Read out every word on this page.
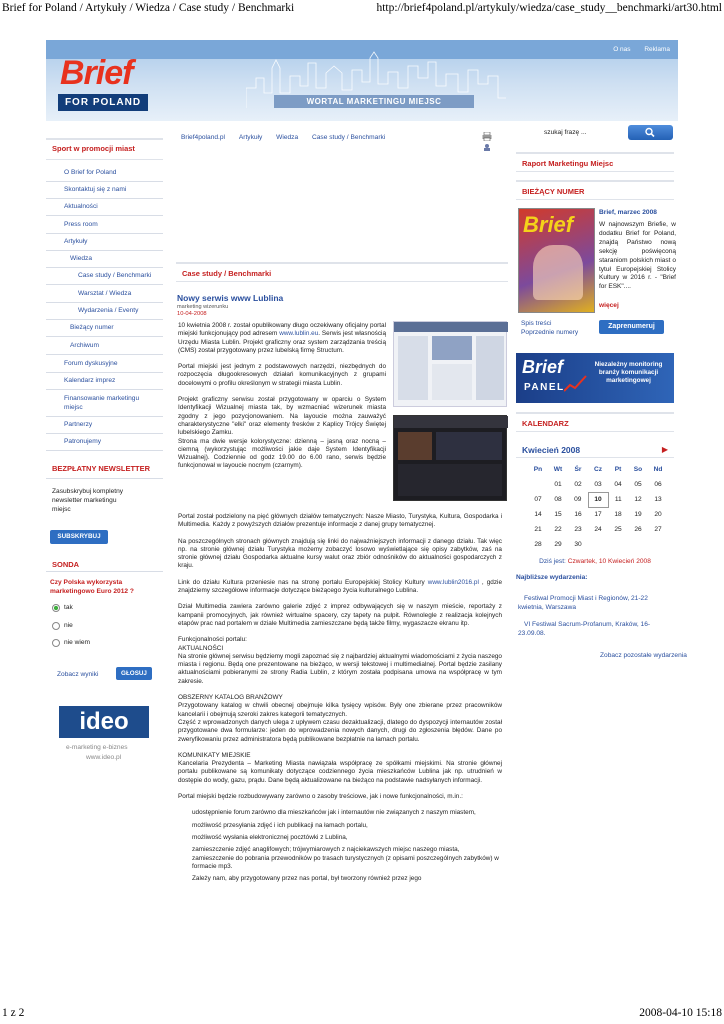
Brief for Poland / Artykuły / Wiedza / Case study / Benchmarki	http://brief4poland.pl/artykuly/wiedza/case_study__benchmarki/art30.html
1 z 2	2008-04-10 15:18
O nas Reklama
Brief
FOR POLAND	WORTAL MARKETINGU MIEJSC
Brief4poland.pl Artykuły Wiedza Case study / Benchmarki
szukaj frazę ...
Sport w promocji miast
O Brief for Poland
Skontaktuj się z nami
Aktualności
Press room
Artykuły
Wiedza
Case study / Benchmarki
Warsztat / Wiedza
Wydarzenia / Eventy
Bieżący numer
Archiwum
Forum dyskusyjne
Kalendarz imprez
Finansowanie marketingu miejsc
Partnerzy
Patronujemy
BEZPŁATNY NEWSLETTER
Zasubskrybuj kompletny newsletter marketingu miejsc
SUBSKRYBUJ
SONDA
Czy Polska wykorzysta marketingowo Euro 2012 ?
tak
nie
nie wiem
Zobacz wyniki	GŁOSUJ
ideo
e-marketing e-biznes
www.ideo.pl
Case study / Benchmarki
Nowy serwis www Lublina
marketing wizerunku
10-04-2008

10 kwietnia 2008 r. został opublikowany długo oczekiwany oficjalny portal miejski funkcjonujący pod adresem www.lublin.eu. Serwis jest własnością Urzędu Miasta Lublin. Projekt graficzny oraz system zarządzania treścią (CMS) został przygotowany przez lubelską firmę Structum.

Portal miejski jest jednym z podstawowych narzędzi, niezbędnych do rozpoczęcia długookresowych działań komunikacyjnych z grupami docelowymi o profilu określonym w strategii miasta Lublin.

Projekt graficzny serwisu został przygotowany w oparciu o System Identyfikacji Wizualnej miasta tak, by wzmacniać wizerunek miasta zgodny z jego pozycjonowaniem. Na layoucie można zauważyć charakterystyczne "elki" oraz elementy fresków z Kaplicy Trójcy Świętej lubelskiego Zamku.

Strona ma dwie wersje kolorystyczne: dzienną – jasną oraz nocną – ciemną (wykorzystując możliwości jakie daje System Identyfikacji Wizualnej). Codziennie od godz 19.00 do 6.00 rano, serwis będzie funkcjonował w layoucie nocnym (czarnym).

Portal został podzielony na pięć głównych działów tematycznych: Nasze Miasto, Turystyka, Kultura, Gospodarka i Multimedia. Każdy z powyższych działów prezentuje informacje z danej grupy tematycznej.

Na poszczególnych stronach głównych znajdują się linki do najważniejszych informacji z danego działu. Tak więc np. na stronie głównej działu Turystyka możemy zobaczyć losowo wyświetlające się opisy zabytków, zaś na stronie głównej działu Gospodarka aktualne kursy walut oraz zbiór odnośników do aktualności gospodarczych z kraju.

Link do działu Kultura przeniesie nas na stronę portalu Europejskiej Stolicy Kultury www.lublin2016.pl , gdzie znajdziemy szczegółowe informacje dotyczące bieżącego życia kulturalnego Lublina.

Dział Multimedia zawiera zarówno galerie zdjęć z imprez odbywających się w naszym mieście, reportaży z kampanii promocyjnych, jak również wirtualne spacery, czy tapety na pulpit. Równolegle z realizacja kolejnych etapów prac nad portalem w dziale Multimedia zamieszczane będą także filmy, wygaszacze ekranu itp.

Funkcjonalności portalu:

AKTUALNOŚCI

Na stronie głównej serwisu będziemy mogli zapoznać się z najbardziej aktualnymi wiadomościami z życia naszego miasta i regionu. Będą one prezentowane na bieżąco, w wersji tekstowej i multimedialnej. Portal będzie zasilany aktualnościami pobieranymi ze strony Radia Lublin, z którym została podpisana umowa na współpracę w tym zakresie.

OBSZERNY KATALOG BRANŻOWY

Przygotowany katalog w chwili obecnej obejmuje kilka tysięcy wpisów. Były one zbierane przez pracowników kancelarii i obejmują szeroki zakres kategorii tematycznych.

Część z wprowadzonych danych ulega z upływem czasu dezaktualizacji, dlatego do dyspozycji internautów został przygotowane dwa formularze: jeden do wprowadzenia nowych danych, drugi do zgłoszenia błędów. Dane po zweryfikowaniu przez administratora będą publikowane bezpłatnie na łamach portalu.

KOMUNIKATY MIEJSKIE

Kancelaria Prezydenta – Marketing Miasta nawiązała współpracę ze spółkami miejskimi. Na stronie głównej portalu publikowane są komunikaty dotyczące codziennego życia mieszkańców Lublina jak np. utrudnień w dostępie do wody, gazu, prądu. Dane będą aktualizowane na bieżąco na podstawie nadsyłanych informacji.

Portal miejski będzie rozbudowywany zarówno o zasoby treściowe, jak i nowe funkcjonalności, m.in.:

udostępnienie forum zarówno dla mieszkańców jak i internautów nie związanych z naszym miastem,
możliwość przesyłania zdjęć i ich publikacji na łamach portalu,
możliwość wysłania elektronicznej pocztówki z Lublina,
zamieszczenie zdjęć anaglifowych; trójwymiarowych z najciekawszych miejsc naszego miasta, zamieszczenie do pobrania przewodników po trasach turystycznych (z opisami poszczególnych zabytków) w formacie mp3.
Zależy nam, aby przygotowany przez nas portal, był tworzony również przez jego
Raport Marketingu Miejsc
BIEŻĄCY NUMER
Brief	Brief, marzec 2008
W najnowszym Briefie, w dodatku Brief for Poland, znajdą Państwo nową sekcję poświęconą staraniom polskich miast o tytuł Europejskiej Stolicy Kultury w 2016 r. - "Brief for ESK"....
więcej
Spis treści
Poprzednie numery
Zaprenumeruj
Brief
PANEL
Niezależny monitoring branży komunikacji marketingowej
KALENDARZ
Kwiecień 2008	▶
Pn	Wt	Śr	Cz	Pt	So	Nd
	01	02	03	04	05	06
07	08	09	10	11	12	13
14	15	16	17	18	19	20
21	22	23	24	25	26	27
28	29	30				
Dziś jest: Czwartek, 10 Kwiecień 2008
Najbliższe wydarzenia:
Festiwal Promocji Miast i Regionów, 21-22 kwietnia, Warszawa
VI Festiwal Sacrum-Profanum, Kraków, 16-23.09.08.
Zobacz pozostałe wydarzenia
